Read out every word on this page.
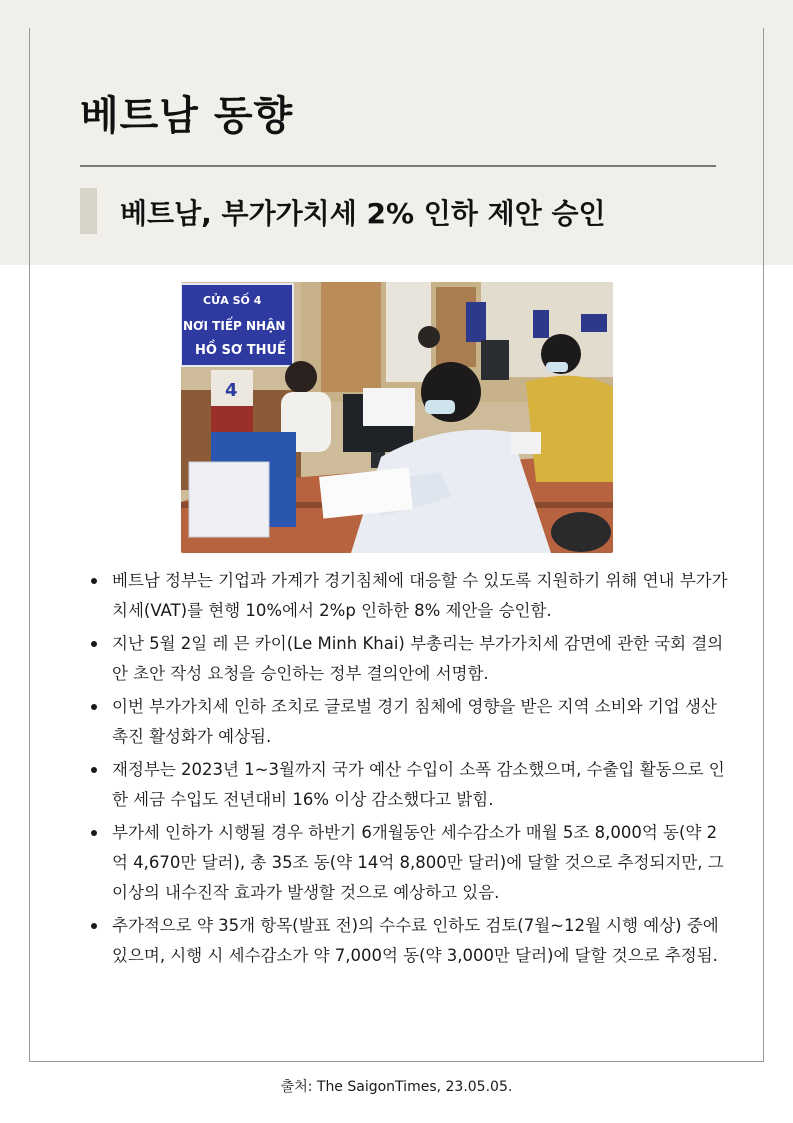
베트남 동향
베트남, 부가가치세 2% 인하 제안 승인
CỬA SỐ 4
NƠI TIẾP NHẬN
HỒ SƠ THUẾ
4
베트남 정부는 기업과 가계가 경기침체에 대응할 수 있도록 지원하기 위해 연내 부가가치세(VAT)를 현행 10%에서 2%p 인하한 8% 제안을 승인함.
지난 5월 2일 레 믄 카이(Le Minh Khai) 부총리는 부가가치세 감면에 관한 국회 결의안 초안 작성 요청을 승인하는 정부 결의안에 서명함.
이번 부가가치세 인하 조치로 글로벌 경기 침체에 영향을 받은 지역 소비와 기업 생산 촉진 활성화가 예상됨.
재정부는 2023년 1~3월까지 국가 예산 수입이 소폭 감소했으며, 수출입 활동으로 인한 세금 수입도 전년대비 16% 이상 감소했다고 밝힘.
부가세 인하가 시행될 경우 하반기 6개월동안 세수감소가 매월 5조 8,000억 동(약 2억 4,670만 달러), 총 35조 동(약 14억 8,800만 달러)에 달할 것으로 추정되지만, 그 이상의 내수진작 효과가 발생할 것으로 예상하고 있음.
추가적으로 약 35개 항목(발표 전)의 수수료 인하도 검토(7월~12월 시행 예상) 중에 있으며, 시행 시 세수감소가 약 7,000억 동(약 3,000만 달러)에 달할 것으로 추정됨.
출처: The SaigonTimes, 23.05.05.
